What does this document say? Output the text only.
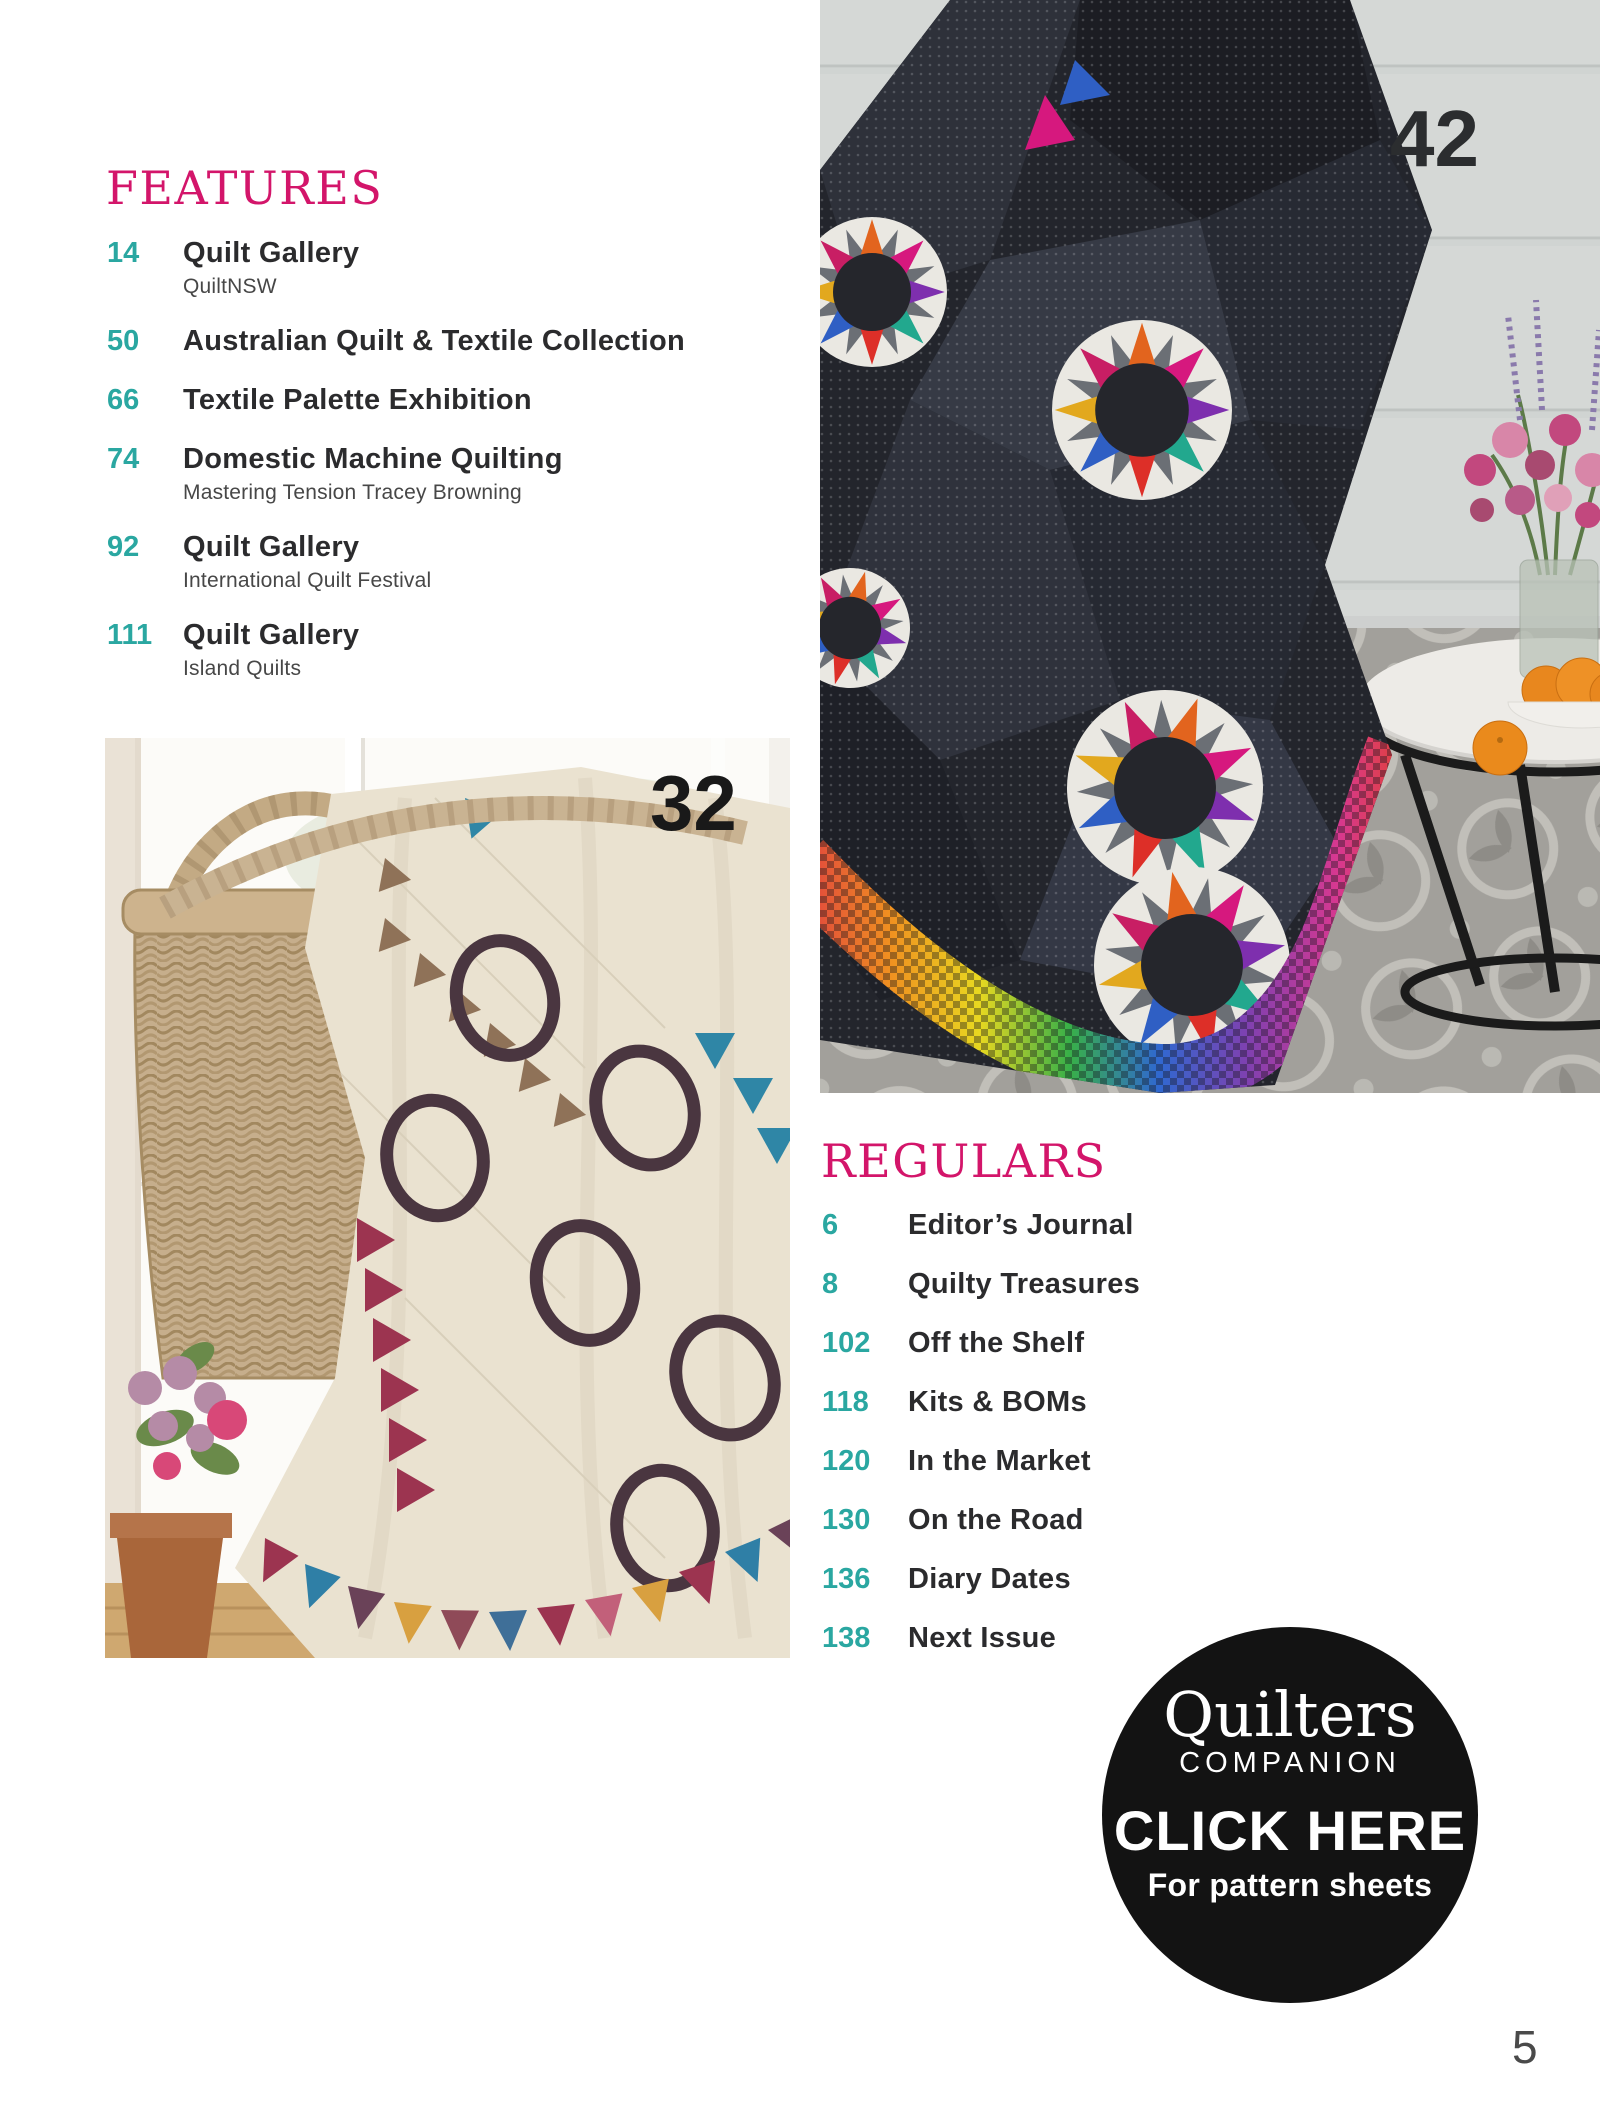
FEATURES
14	Quilt Gallery
QuiltNSW
50	Australian Quilt & Textile Collection
66	Textile Palette Exhibition
74	Domestic Machine Quilting
Mastering Tension Tracey Browning
92	Quilt Gallery
International Quilt Festival
111	Quilt Gallery
Island Quilts
42
32
REGULARS
6	Editor’s Journal
8	Quilty Treasures
102	Off the Shelf
118	Kits & BOMs
120	In the Market
130	On the Road
136	Diary Dates
138	Next Issue
Quilters
COMPANION
CLICK HERE
For pattern sheets
5
